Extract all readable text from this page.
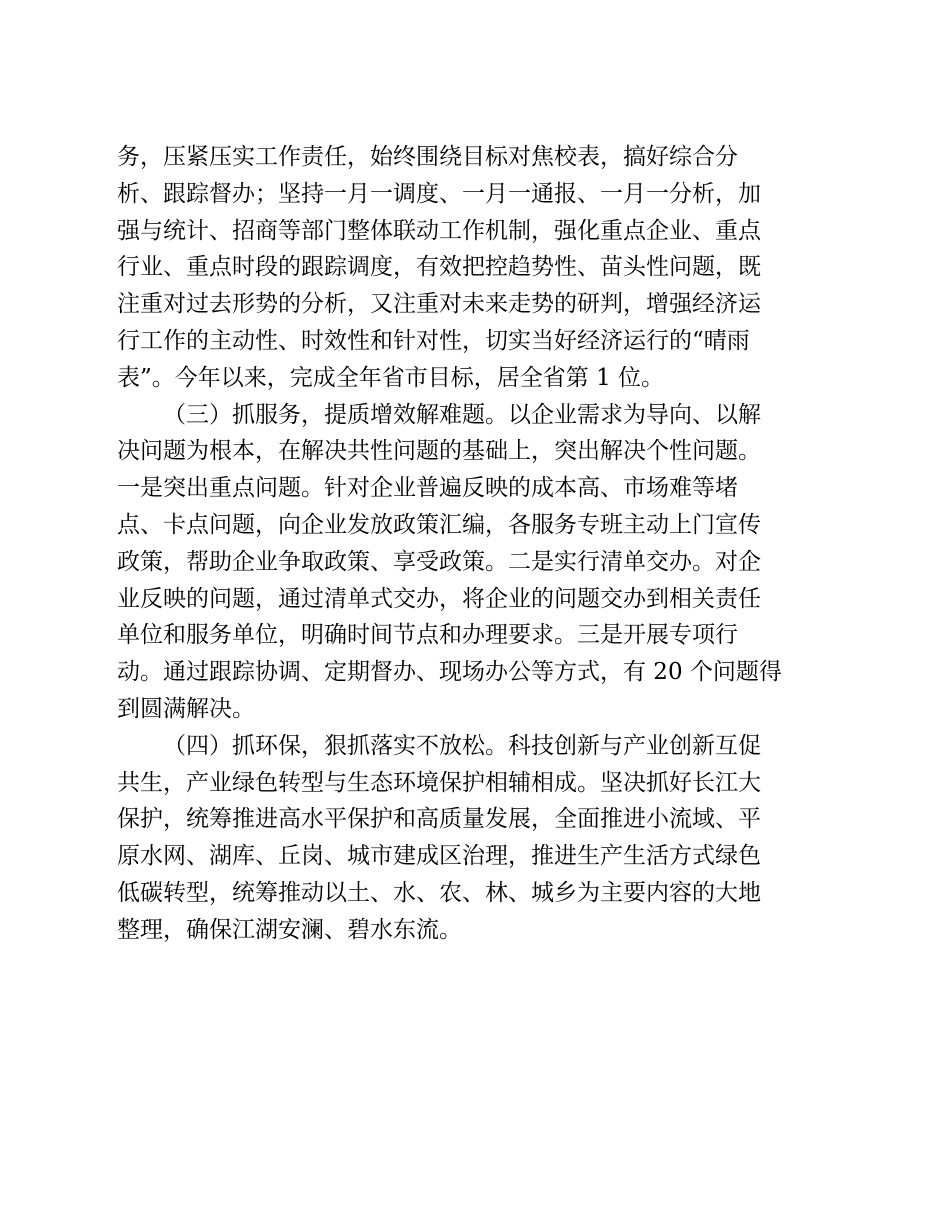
务，压紧压实工作责任，始终围绕目标对焦校表，搞好综合分
析、跟踪督办；坚持一月一调度、一月一通报、一月一分析，加
强与统计、招商等部门整体联动工作机制，强化重点企业、重点
行业、重点时段的跟踪调度，有效把控趋势性、苗头性问题，既
注重对过去形势的分析，又注重对未来走势的研判，增强经济运
行工作的主动性、时效性和针对性，切实当好经济运行的“晴雨
表”。今年以来，完成全年省市目标，居全省第 1 位。
（三）抓服务，提质增效解难题。以企业需求为导向、以解
决问题为根本，在解决共性问题的基础上，突出解决个性问题。
一是突出重点问题。针对企业普遍反映的成本高、市场难等堵
点、卡点问题，向企业发放政策汇编，各服务专班主动上门宣传
政策，帮助企业争取政策、享受政策。二是实行清单交办。对企
业反映的问题，通过清单式交办，将企业的问题交办到相关责任
单位和服务单位，明确时间节点和办理要求。三是开展专项行
动。通过跟踪协调、定期督办、现场办公等方式，有 20 个问题得
到圆满解决。
（四）抓环保，狠抓落实不放松。科技创新与产业创新互促
共生，产业绿色转型与生态环境保护相辅相成。坚决抓好长江大
保护，统筹推进高水平保护和高质量发展，全面推进小流域、平
原水网、湖库、丘岗、城市建成区治理，推进生产生活方式绿色
低碳转型，统筹推动以土、水、农、林、城乡为主要内容的大地
整理，确保江湖安澜、碧水东流。
